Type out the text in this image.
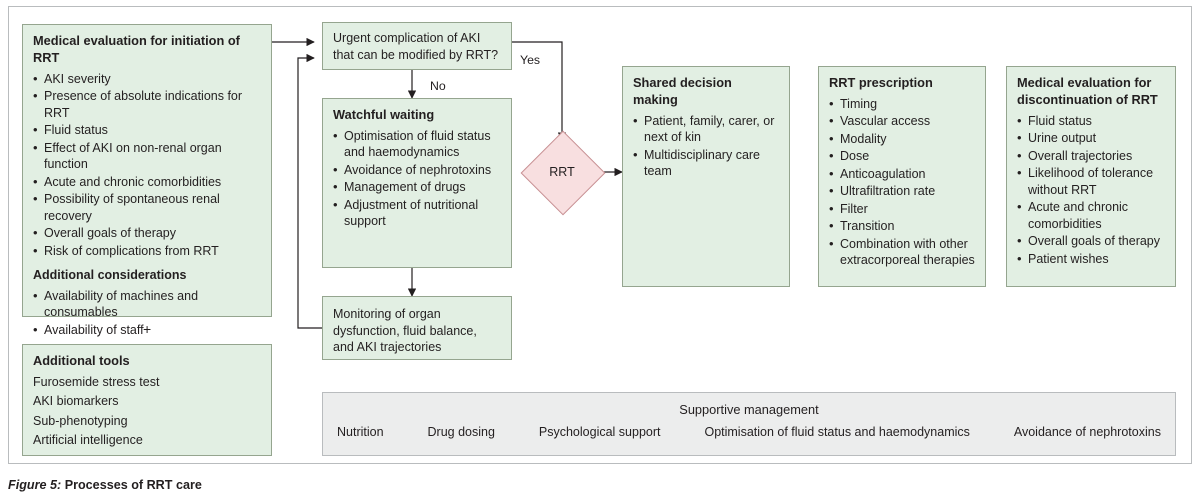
Medical evaluation for initiation of RRT
• AKI severity
• Presence of absolute indications for RRT
• Fluid status
• Effect of AKI on non-renal organ function
• Acute and chronic comorbidities
• Possibility of spontaneous renal recovery
• Overall goals of therapy
• Risk of complications from RRT
Additional considerations
• Availability of machines and consumables
• Availability of staff +
Additional tools
Furosemide stress test
AKI biomarkers
Sub-phenotyping
Artificial intelligence
Urgent complication of AKI that can be modified by RRT?	Yes
No
Watchful waiting
• Optimisation of fluid status and haemodynamics
• Avoidance of nephrotoxins
• Management of drugs
• Adjustment of nutritional support
Monitoring of organ dysfunction, fluid balance, and AKI trajectories
RRT
Shared decision making
• Patient, family, carer, or next of kin
• Multidisciplinary care team
RRT prescription
• Timing
• Vascular access
• Modality
• Dose
• Anticoagulation
• Ultrafiltration rate
• Filter
• Transition
• Combination with other extracorporeal therapies
Medical evaluation for discontinuation of RRT
• Fluid status
• Urine output
• Overall trajectories
• Likelihood of tolerance without RRT
• Acute and chronic comorbidities
• Overall goals of therapy
• Patient wishes
Supportive management
Nutrition	Drug dosing	Psychological support	Optimisation of fluid status and haemodynamics	Avoidance of nephrotoxins
Figure 5: Processes of RRT care
